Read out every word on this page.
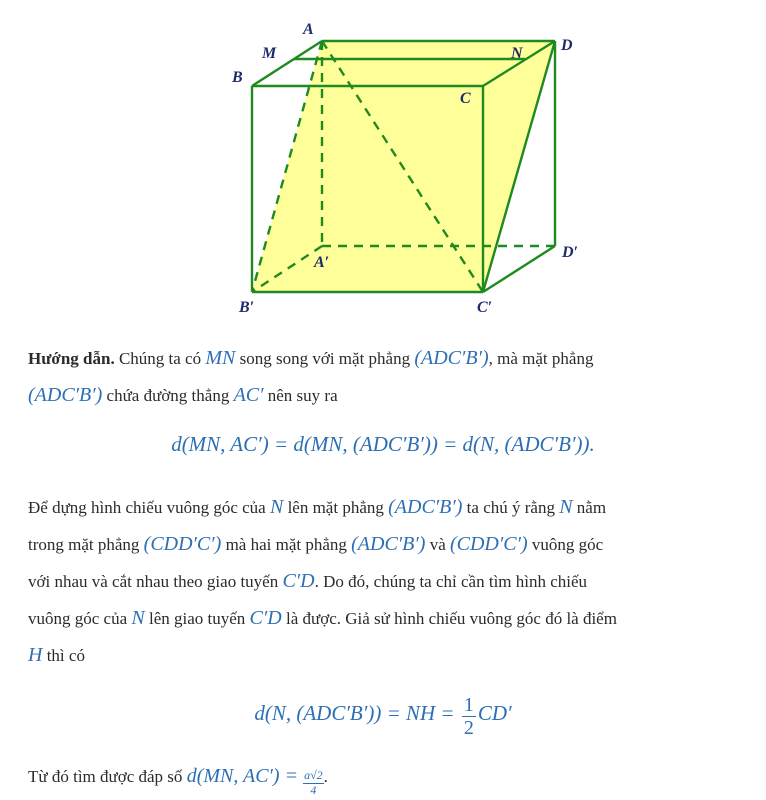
A
M	N D
B
C
A′
D′
B′	C′
Hướng dẫn. Chúng ta có MN song song với mặt phẳng (ADC′B′), mà mặt phẳng
(ADC′B′) chứa đường thẳng AC′ nên suy ra
d(MN, AC′) = d(MN, (ADC′B′)) = d(N, (ADC′B′)).
Để dựng hình chiếu vuông góc của N lên mặt phẳng (ADC′B′) ta chú ý rằng N nằm
trong mặt phẳng (CDD′C′) mà hai mặt phẳng (ADC′B′) và (CDD′C′) vuông góc
với nhau và cắt nhau theo giao tuyến C′D. Do đó, chúng ta chỉ cần tìm hình chiếu
vuông góc của N lên giao tuyến C′D là được. Giả sử hình chiếu vuông góc đó là điểm
H thì có
d(N, (ADC′B′)) = NH = $\frac{1}{2} CD'$
Từ đó tìm được đáp số d(MN, $AC') = \frac{a√2}{4}$ .
